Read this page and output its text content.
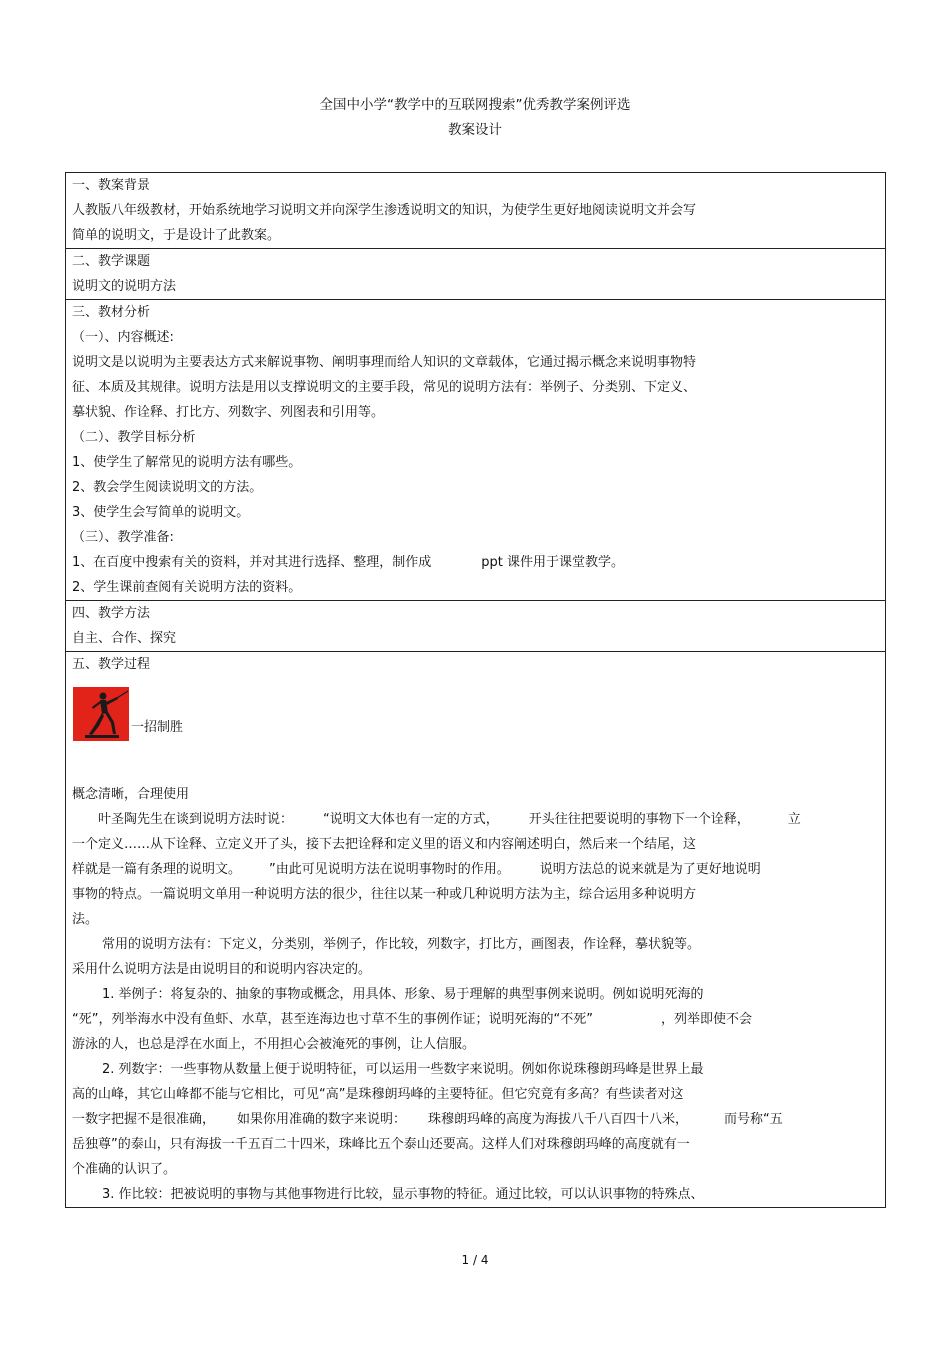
全国中小学“教学中的互联网搜索”优秀教学案例评选
教案设计
一、教案背景
人教版八年级教材，开始系统地学习说明文并向深学生渗透说明文的知识，为使学生更好地阅读说明文并会写
简单的说明文，于是设计了此教案。

二、教学课题
说明文的说明方法

三、教材分析
（一）、内容概述:
说明文是以说明为主要表达方式来解说事物、阐明事理而给人知识的文章载体，它通过揭示概念来说明事物特
征、本质及其规律。说明方法是用以支撑说明文的主要手段，常见的说明方法有：举例子、分类别、下定义、
摹状貌、作诠释、打比方、列数字、列图表和引用等。
（二）、教学目标分析
1、使学生了解常见的说明方法有哪些。
2、教会学生阅读说明文的方法。
3、使学生会写简单的说明文。
（三）、教学准备:
1、在百度中搜索有关的资料，并对其进行选择、整理，制作成	ppt 课件用于课堂教学。
2、学生课前查阅有关说明方法的资料。

四、教学方法
自主、合作、探究

五、教学过程
一招制胜
概念清晰，合理使用
叶圣陶先生在谈到说明方法时说： “说明文大体也有一定的方式， 开头往往把要说明的事物下一个诠释，	立
一个定义……从下诠释、立定义开了头，接下去把诠释和定义里的语义和内容阐述明白，然后来一个结尾，这
样就是一篇有条理的说明文。 ”由此可见说明方法在说明事物时的作用。 说明方法总的说来就是为了更好地说明
事物的特点。一篇说明文单用一种说明方法的很少，往往以某一种或几种说明方法为主，综合运用多种说明方
法。
常用的说明方法有：下定义，分类别，举例子，作比较，列数字，打比方，画图表，作诠释，摹状貌等。
采用什么说明方法是由说明目的和说明内容决定的。
1. 举例子：将复杂的、抽象的事物或概念，用具体、形象、易于理解的典型事例来说明。例如说明死海的
“死”，列举海水中没有鱼虾、水草，甚至连海边也寸草不生的事例作证；说明死海的“不死”	，列举即使不会
游泳的人，也总是浮在水面上，不用担心会被淹死的事例，让人信服。
2. 列数字：一些事物从数量上便于说明特征，可以运用一些数字来说明。例如你说珠穆朗玛峰是世界上最
高的山峰，其它山峰都不能与它相比，可见“高”是珠穆朗玛峰的主要特征。但它究竟有多高？有些读者对这
一数字把握不是很准确， 如果你用准确的数字来说明： 珠穆朗玛峰的高度为海拔八千八百四十八米，	而号称“五
岳独尊”的泰山，只有海拔一千五百二十四米，珠峰比五个泰山还要高。这样人们对珠穆朗玛峰的高度就有一
个准确的认识了。
3. 作比较：把被说明的事物与其他事物进行比较，显示事物的特征。通过比较，可以认识事物的特殊点、
1 / 4
